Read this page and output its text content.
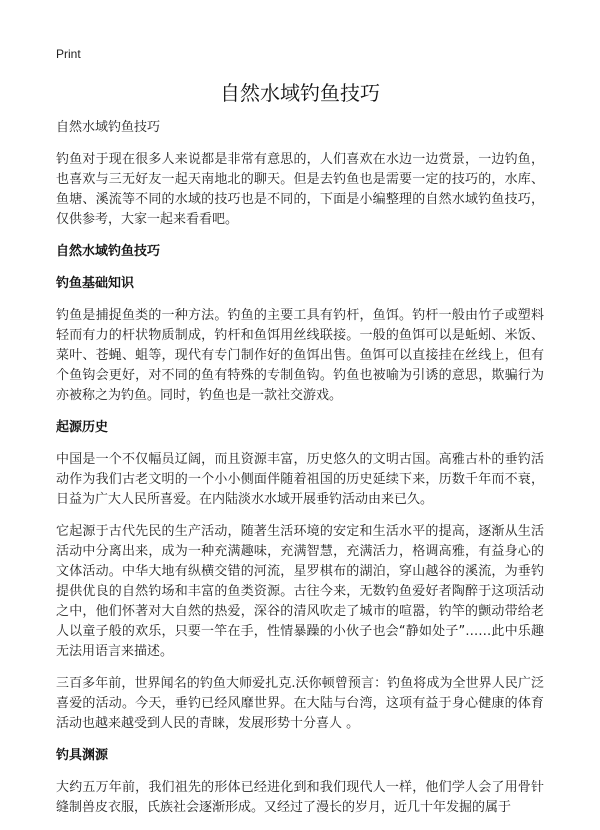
Print
自然水域钓鱼技巧
自然水域钓鱼技巧

钓鱼对于现在很多人来说都是非常有意思的，人们喜欢在水边一边赏景，一边钓鱼，也喜欢与三无好友一起天南地北的聊天。但是去钓鱼也是需要一定的技巧的，水库、鱼塘、溪流等不同的水域的技巧也是不同的，下面是小编整理的自然水域钓鱼技巧，仅供参考，大家一起来看看吧。

自然水域钓鱼技巧
钓鱼基础知识

钓鱼是捕捉鱼类的一种方法。钓鱼的主要工具有钓杆，鱼饵。钓杆一般由竹子或塑料轻而有力的杆状物质制成，钓杆和鱼饵用丝线联接。一般的鱼饵可以是蚯蚓、米饭、菜叶、苍蝇、蛆等，现代有专门制作好的鱼饵出售。鱼饵可以直接挂在丝线上，但有个鱼钩会更好，对不同的鱼有特殊的专制鱼钩。钓鱼也被喻为引诱的意思，欺骗行为亦被称之为钓鱼。同时，钓鱼也是一款社交游戏。

起源历史

中国是一个不仅幅员辽阔，而且资源丰富，历史悠久的文明古国。高雅古朴的垂钓活动作为我们古老文明的一个小小侧面伴随着祖国的历史延续下来，历数千年而不衰，日益为广大人民所喜爱。在内陆淡水水域开展垂钓活动由来已久。

它起源于古代先民的生产活动，随著生活环境的安定和生活水平的提高，逐渐从生活活动中分离出来，成为一种充满趣味，充满智慧，充满活力，格调高雅，有益身心的文体活动。中华大地有纵横交错的河流，星罗棋布的湖泊，穿山越谷的溪流，为垂钓提供优良的自然钓场和丰富的鱼类资源。古往今来，无数钓鱼爱好者陶醉于这项活动之中，他们怀著对大自然的热爱，深谷的清风吹走了城市的喧嚣，钓竿的颤动带给老人以童子般的欢乐，只要一竿在手，性情暴躁的小伙子也会“静如处子”……此中乐趣无法用语言来描述。

三百多年前，世界闻名的钓鱼大师爱扎克.沃你顿曾预言：钓鱼将成为全世界人民广泛喜爱的活动。今天，垂钓已经风靡世界。在大陆与台湾，这项有益于身心健康的体育活动也越来越受到人民的青睐，发展形势十分喜人 。

钓具渊源

大约五万年前，我们祖先的形体已经进化到和我们现代人一样，他们学人会了用骨针缝制兽皮衣服，氏族社会逐渐形成。又经过了漫长的岁月，近几十年发掘的属于
